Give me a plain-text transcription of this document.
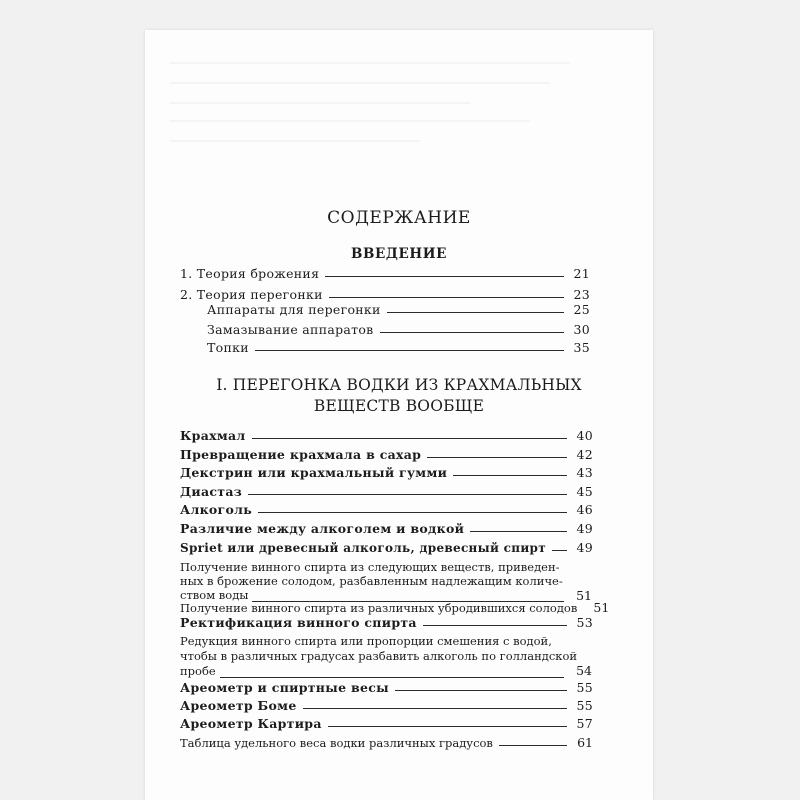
СОДЕРЖАНИЕ
ВВЕДЕНИЕ
1. Теория брожения	21
2. Теория перегонки	23
Аппараты для перегонки	25
Замазывание аппаратов	30
Топки	35
I. ПЕРЕГОНКА ВОДКИ ИЗ КРАХМАЛЬНЫХ
ВЕЩЕСТВ ВООБЩЕ
Крахмал	40
Превращение крахмала в сахар	42
Декстрин или крахмальный гумми	43
Диастаз	45
Алкоголь	46
Различие между алкоголем и водкой	49
Spriet или древесный алкоголь, древесный спирт	49
Получение винного спирта из следующих веществ, приведен-
ных в брожение солодом, разбавленным надлежащим количе-
ством воды	51
Получение винного спирта из различных убродившихся солодов	51
Ректификация винного спирта	53
Редукция винного спирта или пропорции смешения с водой,
чтобы в различных градусах разбавить алкоголь по голландской
пробе	54
Ареометр и спиртные весы	55
Ареометр Боме	55
Ареометр Картира	57
Таблица удельного веса водки различных градусов	61
